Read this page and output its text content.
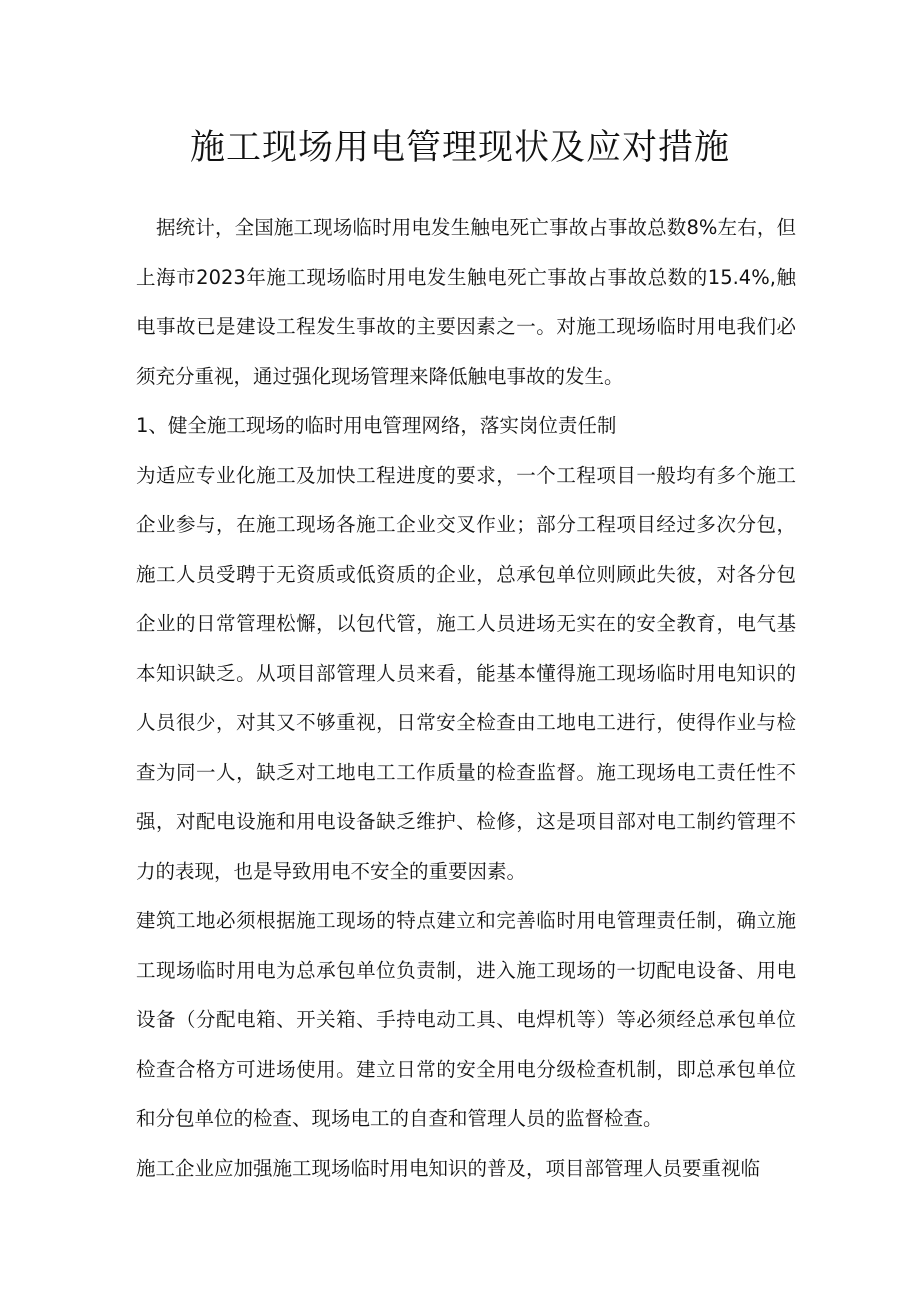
施工现场用电管理现状及应对措施

据统计，全国施工现场临时用电发生触电死亡事故占事故总数8%左右，但上海市2023年施工现场临时用电发生触电死亡事故占事故总数的15.4%,触电事故已是建设工程发生事故的主要因素之一。对施工现场临时用电我们必须充分重视，通过强化现场管理来降低触电事故的发生。

1、健全施工现场的临时用电管理网络，落实岗位责任制

为适应专业化施工及加快工程进度的要求，一个工程项目一般均有多个施工企业参与，在施工现场各施工企业交叉作业；部分工程项目经过多次分包，施工人员受聘于无资质或低资质的企业，总承包单位则顾此失彼，对各分包企业的日常管理松懈，以包代管，施工人员进场无实在的安全教育，电气基本知识缺乏。从项目部管理人员来看，能基本懂得施工现场临时用电知识的人员很少，对其又不够重视，日常安全检查由工地电工进行，使得作业与检查为同一人，缺乏对工地电工工作质量的检查监督。施工现场电工责任性不强，对配电设施和用电设备缺乏维护、检修，这是项目部对电工制约管理不力的表现，也是导致用电不安全的重要因素。

建筑工地必须根据施工现场的特点建立和完善临时用电管理责任制，确立施工现场临时用电为总承包单位负责制，进入施工现场的一切配电设备、用电设备（分配电箱、开关箱、手持电动工具、电焊机等）等必须经总承包单位检查合格方可进场使用。建立日常的安全用电分级检查机制，即总承包单位和分包单位的检查、现场电工的自查和管理人员的监督检查。

施工企业应加强施工现场临时用电知识的普及，项目部管理人员要重视临
